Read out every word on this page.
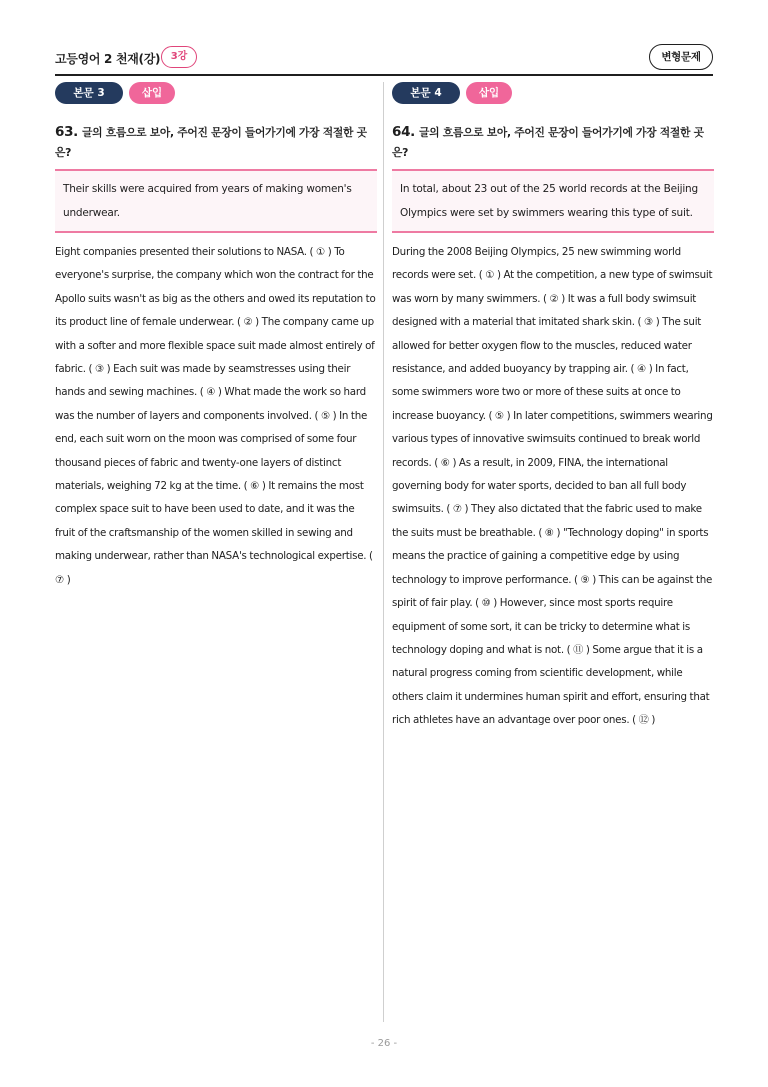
고등영어 2 천재(강)	3강	변형문제
본문 3	삽입
63. 글의 흐름으로 보아, 주어진 문장이 들어가기에 가장 적절한 곳은?
Their skills were acquired from years of making women's underwear.
Eight companies presented their solutions to NASA. ( ① ) To everyone's surprise, the company which won the contract for the Apollo suits wasn't as big as the others and owed its reputation to its product line of female underwear. ( ② ) The company came up with a softer and more flexible space suit made almost entirely of fabric. ( ③ ) Each suit was made by seamstresses using their hands and sewing machines. ( ④ ) What made the work so hard was the number of layers and components involved. ( ⑤ ) In the end, each suit worn on the moon was comprised of some four thousand pieces of fabric and twenty-one layers of distinct materials, weighing 72 kg at the time. ( ⑥ ) It remains the most complex space suit to have been used to date, and it was the fruit of the craftsmanship of the women skilled in sewing and making underwear, rather than NASA's technological expertise. ( ⑦ )
본문 4	삽입
64. 글의 흐름으로 보아, 주어진 문장이 들어가기에 가장 적절한 곳은?
In total, about 23 out of the 25 world records at the Beijing Olympics were set by swimmers wearing this type of suit.
During the 2008 Beijing Olympics, 25 new swimming world records were set. ( ① ) At the competition, a new type of swimsuit was worn by many swimmers. ( ② ) It was a full body swimsuit designed with a material that imitated shark skin. ( ③ ) The suit allowed for better oxygen flow to the muscles, reduced water resistance, and added buoyancy by trapping air. ( ④ ) In fact, some swimmers wore two or more of these suits at once to increase buoyancy. ( ⑤ ) In later competitions, swimmers wearing various types of innovative swimsuits continued to break world records. ( ⑥ ) As a result, in 2009, FINA, the international governing body for water sports, decided to ban all full body swimsuits. ( ⑦ ) They also dictated that the fabric used to make the suits must be breathable. ( ⑧ ) "Technology doping" in sports means the practice of gaining a competitive edge by using technology to improve performance. ( ⑨ ) This can be against the spirit of fair play. ( ⑩ ) However, since most sports require equipment of some sort, it can be tricky to determine what is technology doping and what is not. ( ⑪ ) Some argue that it is a natural progress coming from scientific development, while others claim it undermines human spirit and effort, ensuring that rich athletes have an advantage over poor ones. ( ⑫ )
- 26 -
